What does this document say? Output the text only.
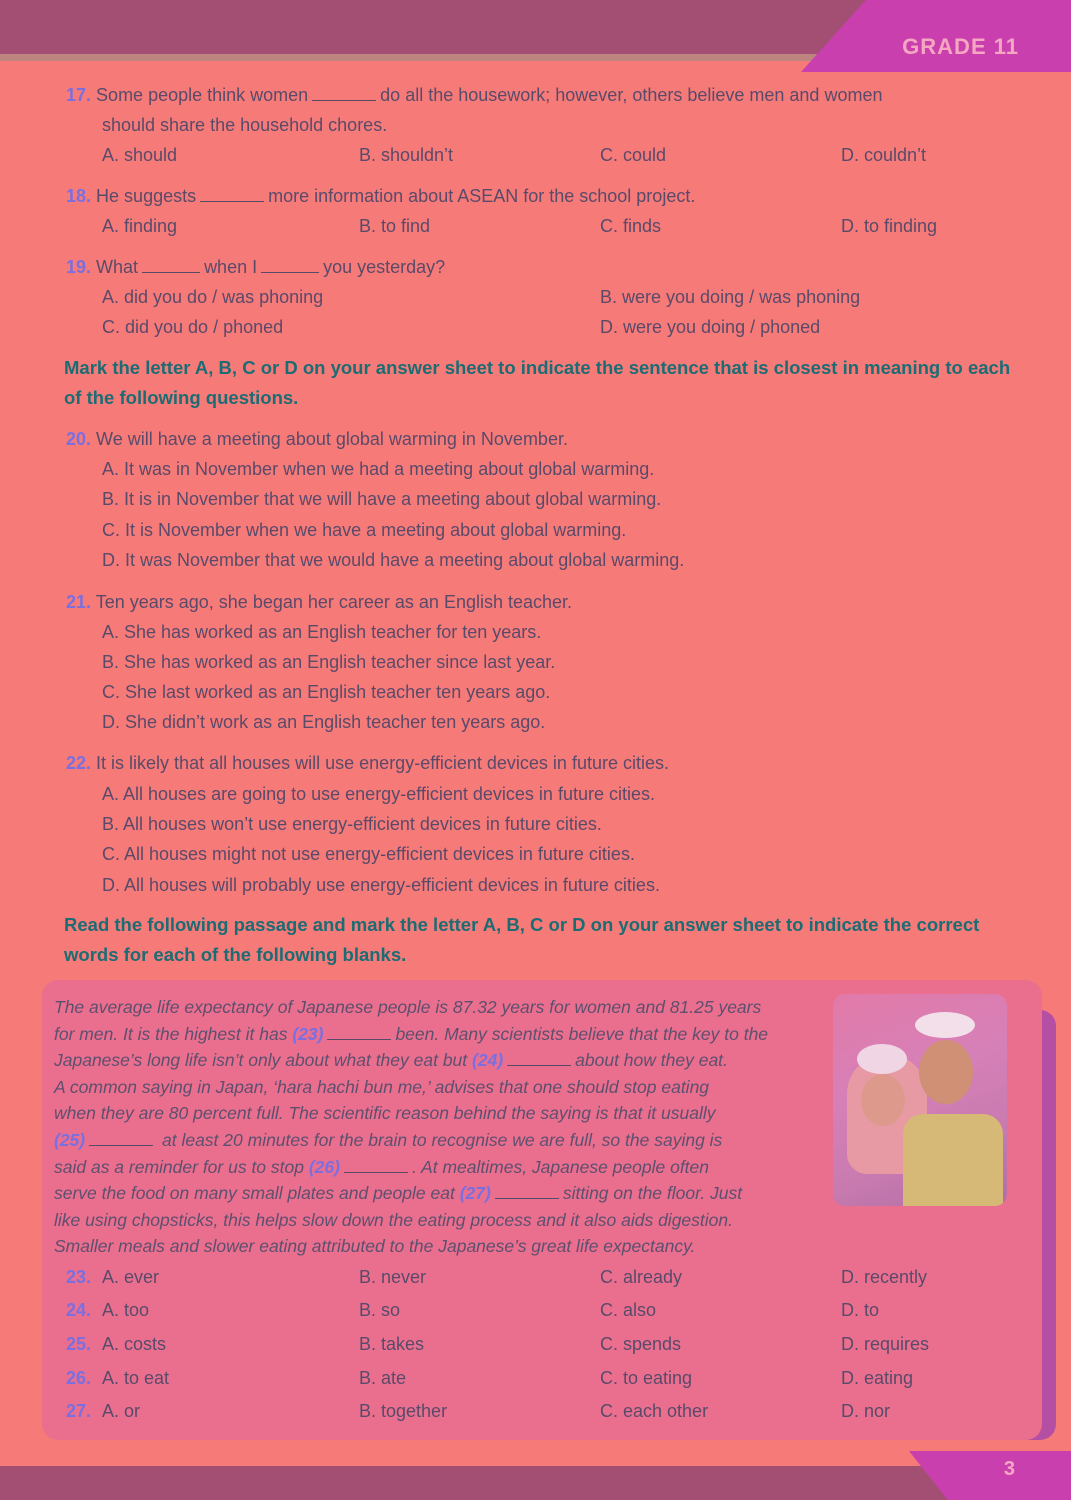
GRADE 11
17. Some people think women	do all the housework; however, others believe men and women
should share the household chores.
A. should	B. shouldn’t	C. could	D. couldn’t
18. He suggests	more information about ASEAN for the school project.
A. finding	B. to find	C. finds	D. to finding
19. What	when I	you yesterday?
A. did you do / was phoning	B. were you doing / was phoning
C. did you do / phoned	D. were you doing / phoned
Mark the letter A, B, C or D on your answer sheet to indicate the sentence that is closest in meaning to each of the following questions.
20. We will have a meeting about global warming in November.
A. It was in November when we had a meeting about global warming.
B. It is in November that we will have a meeting about global warming.
C. It is November when we have a meeting about global warming.
D. It was November that we would have a meeting about global warming.
21. Ten years ago, she began her career as an English teacher.
A. She has worked as an English teacher for ten years.
B. She has worked as an English teacher since last year.
C. She last worked as an English teacher ten years ago.
D. She didn’t work as an English teacher ten years ago.
22. It is likely that all houses will use energy-efficient devices in future cities.
A. All houses are going to use energy-efficient devices in future cities.
B. All houses won’t use energy-efficient devices in future cities.
C. All houses might not use energy-efficient devices in future cities.
D. All houses will probably use energy-efficient devices in future cities.
Read the following passage and mark the letter A, B, C or D on your answer sheet to indicate the correct words for each of the following blanks.
The average life expectancy of Japanese people is 87.32 years for women and 81.25 years
for men. It is the highest it has (23)	been. Many scientists believe that the key to the
Japanese’s long life isn’t only about what they eat but (24)	about how they eat.
A common saying in Japan, ‘hara hachi bun me,’ advises that one should stop eating
when they are 80 percent full. The scientific reason behind the saying is that it usually
(25)	at least 20 minutes for the brain to recognise we are full, so the saying is
said as a reminder for us to stop (26)	. At mealtimes, Japanese people often
serve the food on many small plates and people eat (27)	sitting on the floor. Just
like using chopsticks, this helps slow down the eating process and it also aids digestion.
Smaller meals and slower eating attributed to the Japanese’s great life expectancy.
23. A. ever	B. never	C. already	D. recently
24. A. too	B. so	C. also	D. to
25. A. costs	B. takes	C. spends	D. requires
26. A. to eat	B. ate	C. to eating	D. eating
27. A. or	B. together	C. each other	D. nor
3
